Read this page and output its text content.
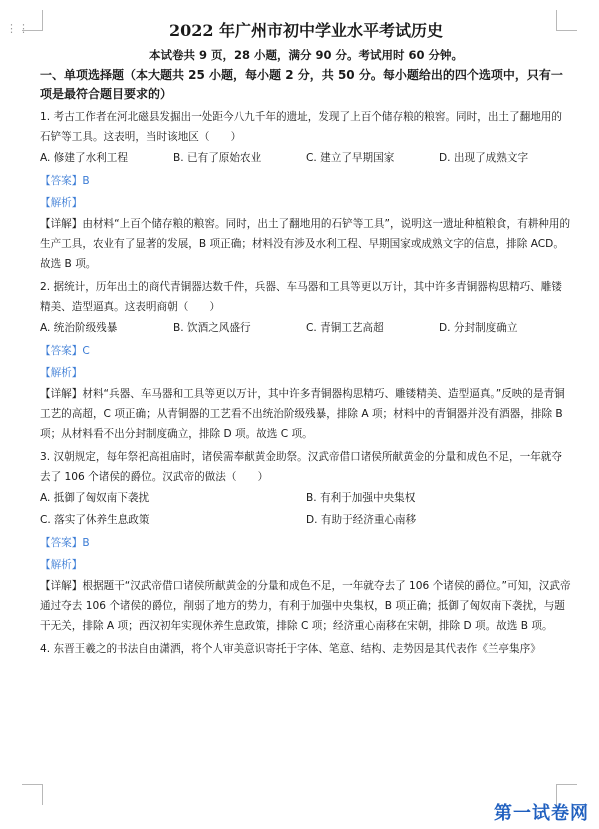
⋮⋮	2022 年广州市初中学业水平考试历史
本试卷共 9 页，28 小题，满分 90 分。考试用时 60 分钟。
一、单项选择题（本大题共 25 小题，每小题 2 分，共 50 分。每小题给出的四个选项中，只有一项是最符合题目要求的）

1. 考古工作者在河北磁县发掘出一处距今八九千年的遗址，发现了上百个储存粮的粮窖。同时，出土了翻地用的石铲等工具。这表明，当时该地区（　　）

A. 修建了水利工程	B. 已有了原始农业	C. 建立了早期国家	D. 出现了成熟文字

【答案】B

【解析】

【详解】由材料“上百个储存粮的粮窖。同时，出土了翻地用的石铲等工具”，说明这一遗址种植粮食，有耕种用的生产工具，农业有了显著的发展，B 项正确；材料没有涉及水利工程、早期国家或成熟文字的信息，排除 ACD。故选 B 项。

2. 据统计，历年出土的商代青铜器达数千件，兵器、车马器和工具等更以万计，其中许多青铜器构思精巧、雕镂精美、造型逼真。这表明商朝（　　）

A. 统治阶级残暴	B. 饮酒之风盛行	C. 青铜工艺高超	D. 分封制度确立

【答案】C

【解析】

【详解】材料“兵器、车马器和工具等更以万计，其中许多青铜器构思精巧、雕镂精美、造型逼真。”反映的是青铜工艺的高超，C 项正确；从青铜器的工艺看不出统治阶级残暴，排除 A 项；材料中的青铜器并没有酒器，排除 B 项；从材料看不出分封制度确立，排除 D 项。故选 C 项。

3. 汉朝规定，每年祭祀高祖庙时，诸侯需奉献黄金助祭。汉武帝借口诸侯所献黄金的分量和成色不足，一年就夺去了 106 个诸侯的爵位。汉武帝的做法（　　）

A. 抵御了匈奴南下袭扰	B. 有利于加强中央集权
C. 落实了休养生息政策	D. 有助于经济重心南移

【答案】B

【解析】

【详解】根据题干“汉武帝借口诸侯所献黄金的分量和成色不足，一年就夺去了 106 个诸侯的爵位。”可知，汉武帝通过夺去 106 个诸侯的爵位，削弱了地方的势力，有利于加强中央集权，B 项正确；抵御了匈奴南下袭扰，与题干无关，排除 A 项；西汉初年实现休养生息政策，排除 C 项；经济重心南移在宋朝，排除 D 项。故选 B 项。

4. 东晋王羲之的书法自由潇洒，将个人审美意识寄托于字体、笔意、结构、走势因是其代表作《兰亭集序》

第一试卷网
